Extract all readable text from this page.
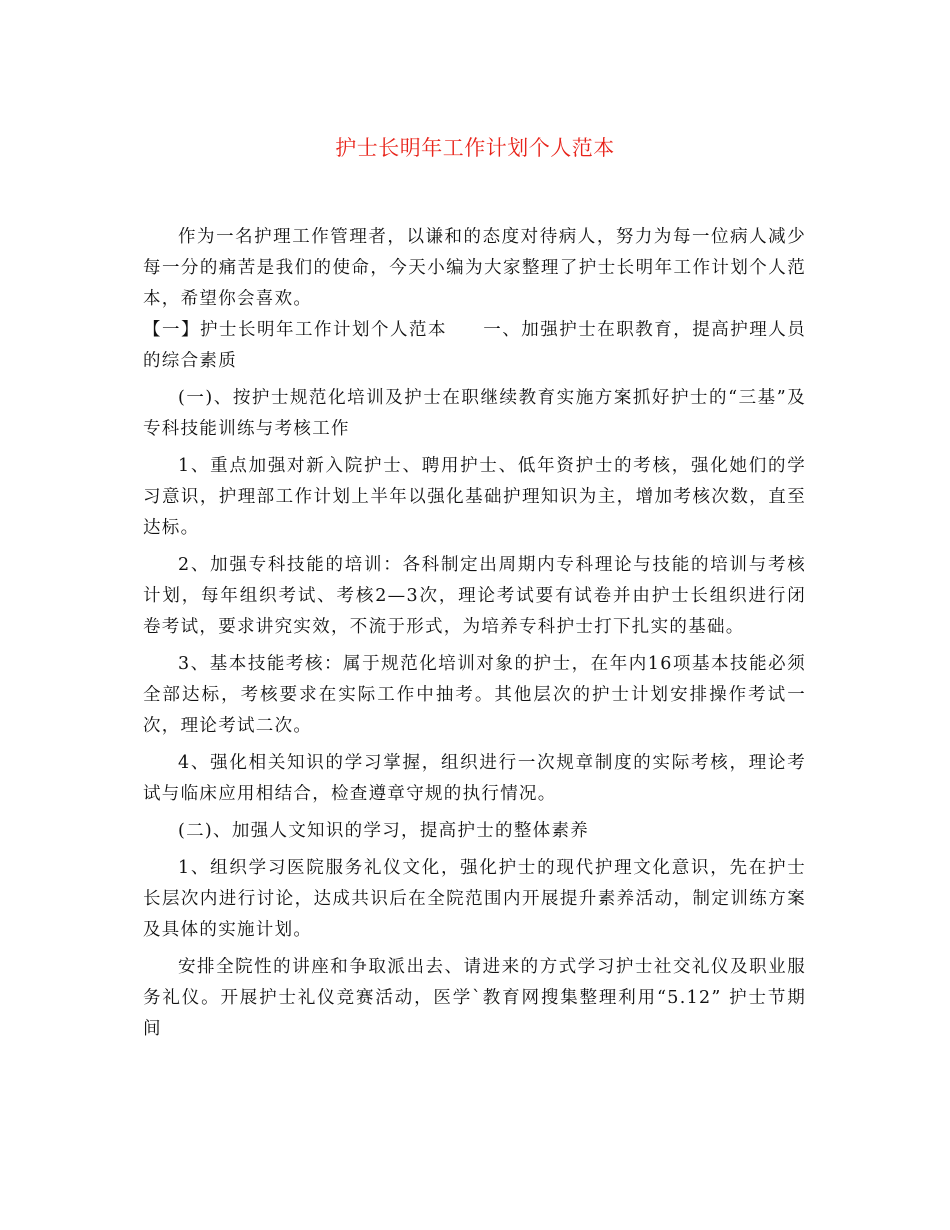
护士长明年工作计划个人范本

作为一名护理工作管理者，以谦和的态度对待病人，努力为每一位病人减少每一分的痛苦是我们的使命，今天小编为大家整理了护士长明年工作计划个人范本，希望你会喜欢。

【一】护士长明年工作计划个人范本 一、加强护士在职教育，提高护理人员的综合素质

(一)、按护士规范化培训及护士在职继续教育实施方案抓好护士的“三基”及专科技能训练与考核工作

1、重点加强对新入院护士、聘用护士、低年资护士的考核，强化她们的学习意识，护理部工作计划上半年以强化基础护理知识为主，增加考核次数，直至达标。

2、加强专科技能的培训：各科制定出周期内专科理论与技能的培训与考核计划，每年组织考试、考核2—3次，理论考试要有试卷并由护士长组织进行闭卷考试，要求讲究实效，不流于形式，为培养专科护士打下扎实的基础。

3、基本技能考核：属于规范化培训对象的护士，在年内16项基本技能必须全部达标，考核要求在实际工作中抽考。其他层次的护士计划安排操作考试一次，理论考试二次。

4、强化相关知识的学习掌握，组织进行一次规章制度的实际考核，理论考试与临床应用相结合，检查遵章守规的执行情况。

(二)、加强人文知识的学习，提高护士的整体素养

1、组织学习医院服务礼仪文化，强化护士的现代护理文化意识，先在护士长层次内进行讨论，达成共识后在全院范围内开展提升素养活动，制定训练方案及具体的实施计划。

安排全院性的讲座和争取派出去、请进来的方式学习护士社交礼仪及职业服务礼仪。开展护士礼仪竞赛活动，医学`教育网搜集整理利用“5.12” 护士节期间
